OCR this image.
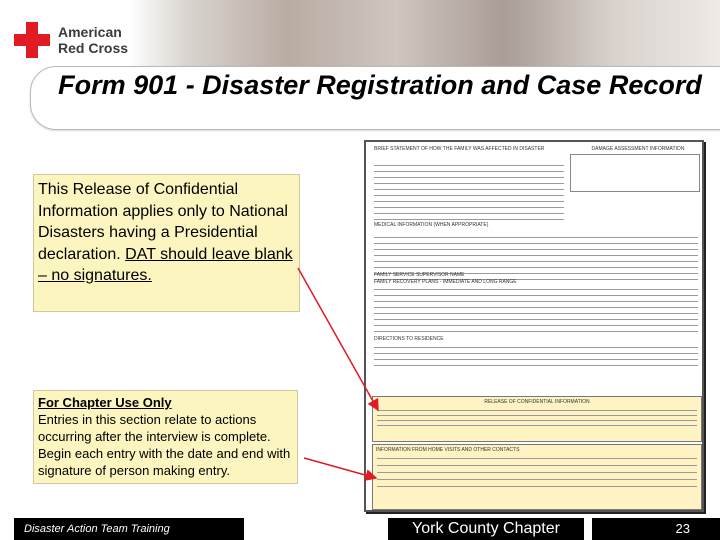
American
Red Cross
Form 901 - Disaster Registration and Case Record

This Release of Confidential Information applies only to National Disasters having a Presidential declaration. DAT should leave blank – no signatures.

For Chapter Use Only
Entries in this section relate to actions occurring after the interview is complete. Begin each entry with the date and end with signature of person making entry.
BRIEF STATEMENT OF HOW THE FAMILY WAS AFFECTED IN DISASTER	DAMAGE ASSESSMENT INFORMATION
MEDICAL INFORMATION (WHEN APPROPRIATE)
FAMILY SERVICE SUPERVISOR NAME
FAMILY RECOVERY PLANS - IMMEDIATE AND LONG RANGE
DIRECTIONS TO RESIDENCE
RELEASE OF CONFIDENTIAL INFORMATION
INFORMATION FROM HOME VISITS AND OTHER CONTACTS
Disaster Action Team Training	York County Chapter	23
